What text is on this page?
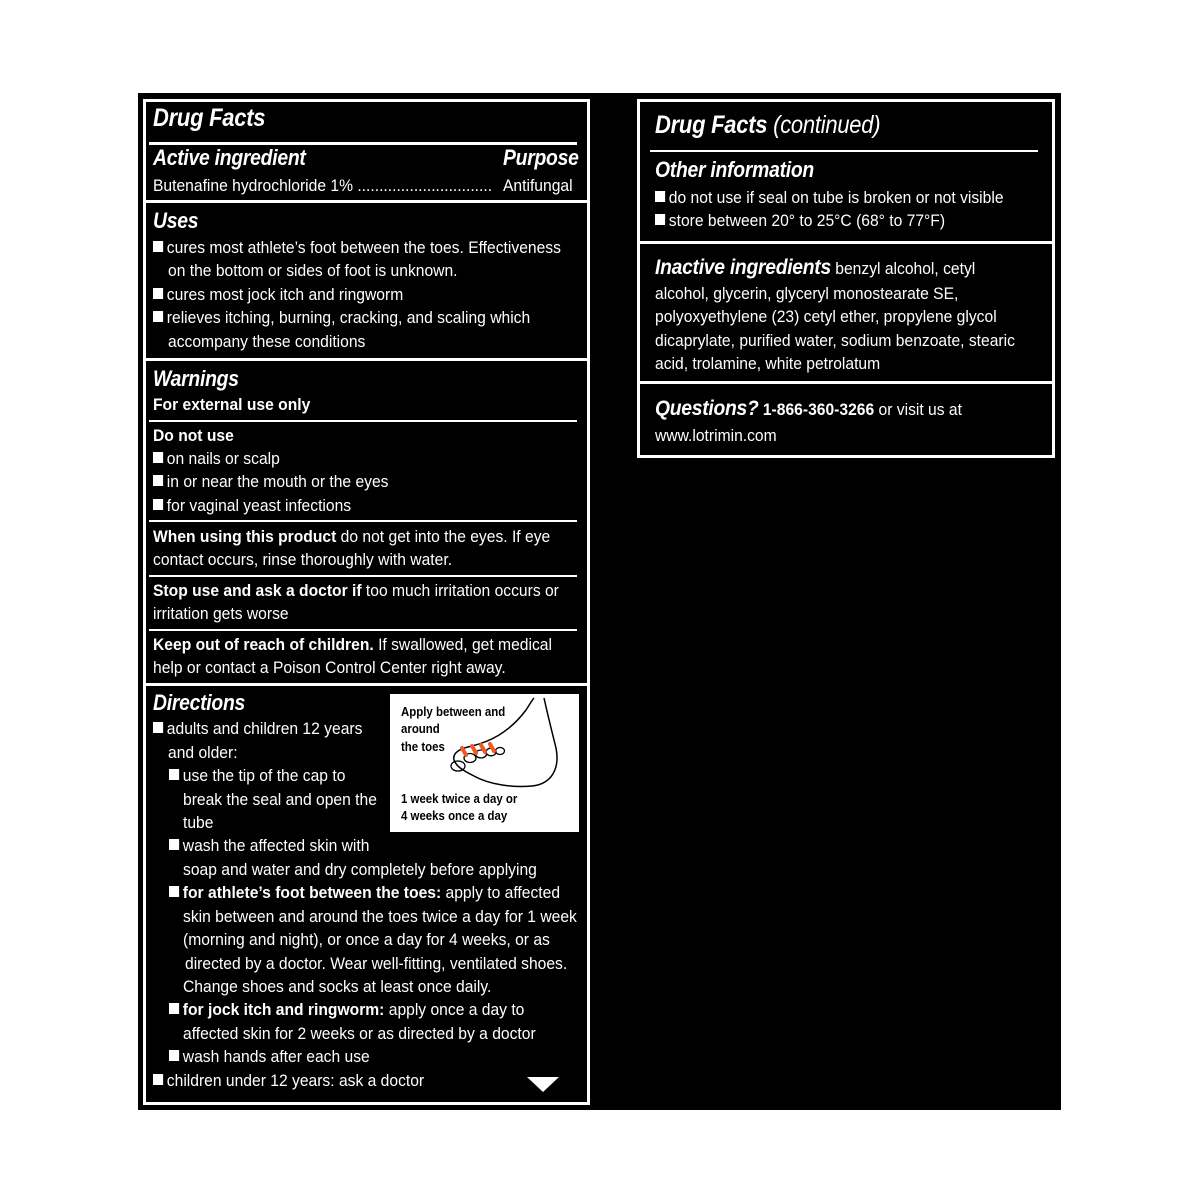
Drug Facts
Active ingredient	Purpose
Butenafine hydrochloride 1% ............................... Antifungal
Uses
cures most athlete’s foot between the toes. Effectiveness
on the bottom or sides of foot is unknown.
cures most jock itch and ringworm
relieves itching, burning, cracking, and scaling which
accompany these conditions
Warnings
For external use only
Do not use
on nails or scalp
in or near the mouth or the eyes
for vaginal yeast infections
When using this product do not get into the eyes. If eye
contact occurs, rinse thoroughly with water.
Stop use and ask a doctor if too much irritation occurs or
irritation gets worse
Keep out of reach of children. If swallowed, get medical
help or contact a Poison Control Center right away.
Directions
adults and children 12 years
and older:
use the tip of the cap to
break the seal and open the
tube
wash the affected skin with
soap and water and dry completely before applying
for athlete’s foot between the toes: apply to affected
skin between and around the toes twice a day for 1 week
(morning and night), or once a day for 4 weeks, or as
directed by a doctor. Wear well-fitting, ventilated shoes.
Change shoes and socks at least once daily.
for jock itch and ringworm: apply once a day to
affected skin for 2 weeks or as directed by a doctor
wash hands after each use
children under 12 years: ask a doctor
Apply between and
around
the toes
1 week twice a day or
4 weeks once a day
Drug Facts (continued)
Other information
do not use if seal on tube is broken or not visible
store between 20° to 25°C (68° to 77°F)
Inactive ingredients benzyl alcohol, cetyl
alcohol, glycerin, glyceryl monostearate SE,
polyoxyethylene (23) cetyl ether, propylene glycol
dicaprylate, purified water, sodium benzoate, stearic
acid, trolamine, white petrolatum
Questions? 1-866-360-3266 or visit us at
www.lotrimin.com
